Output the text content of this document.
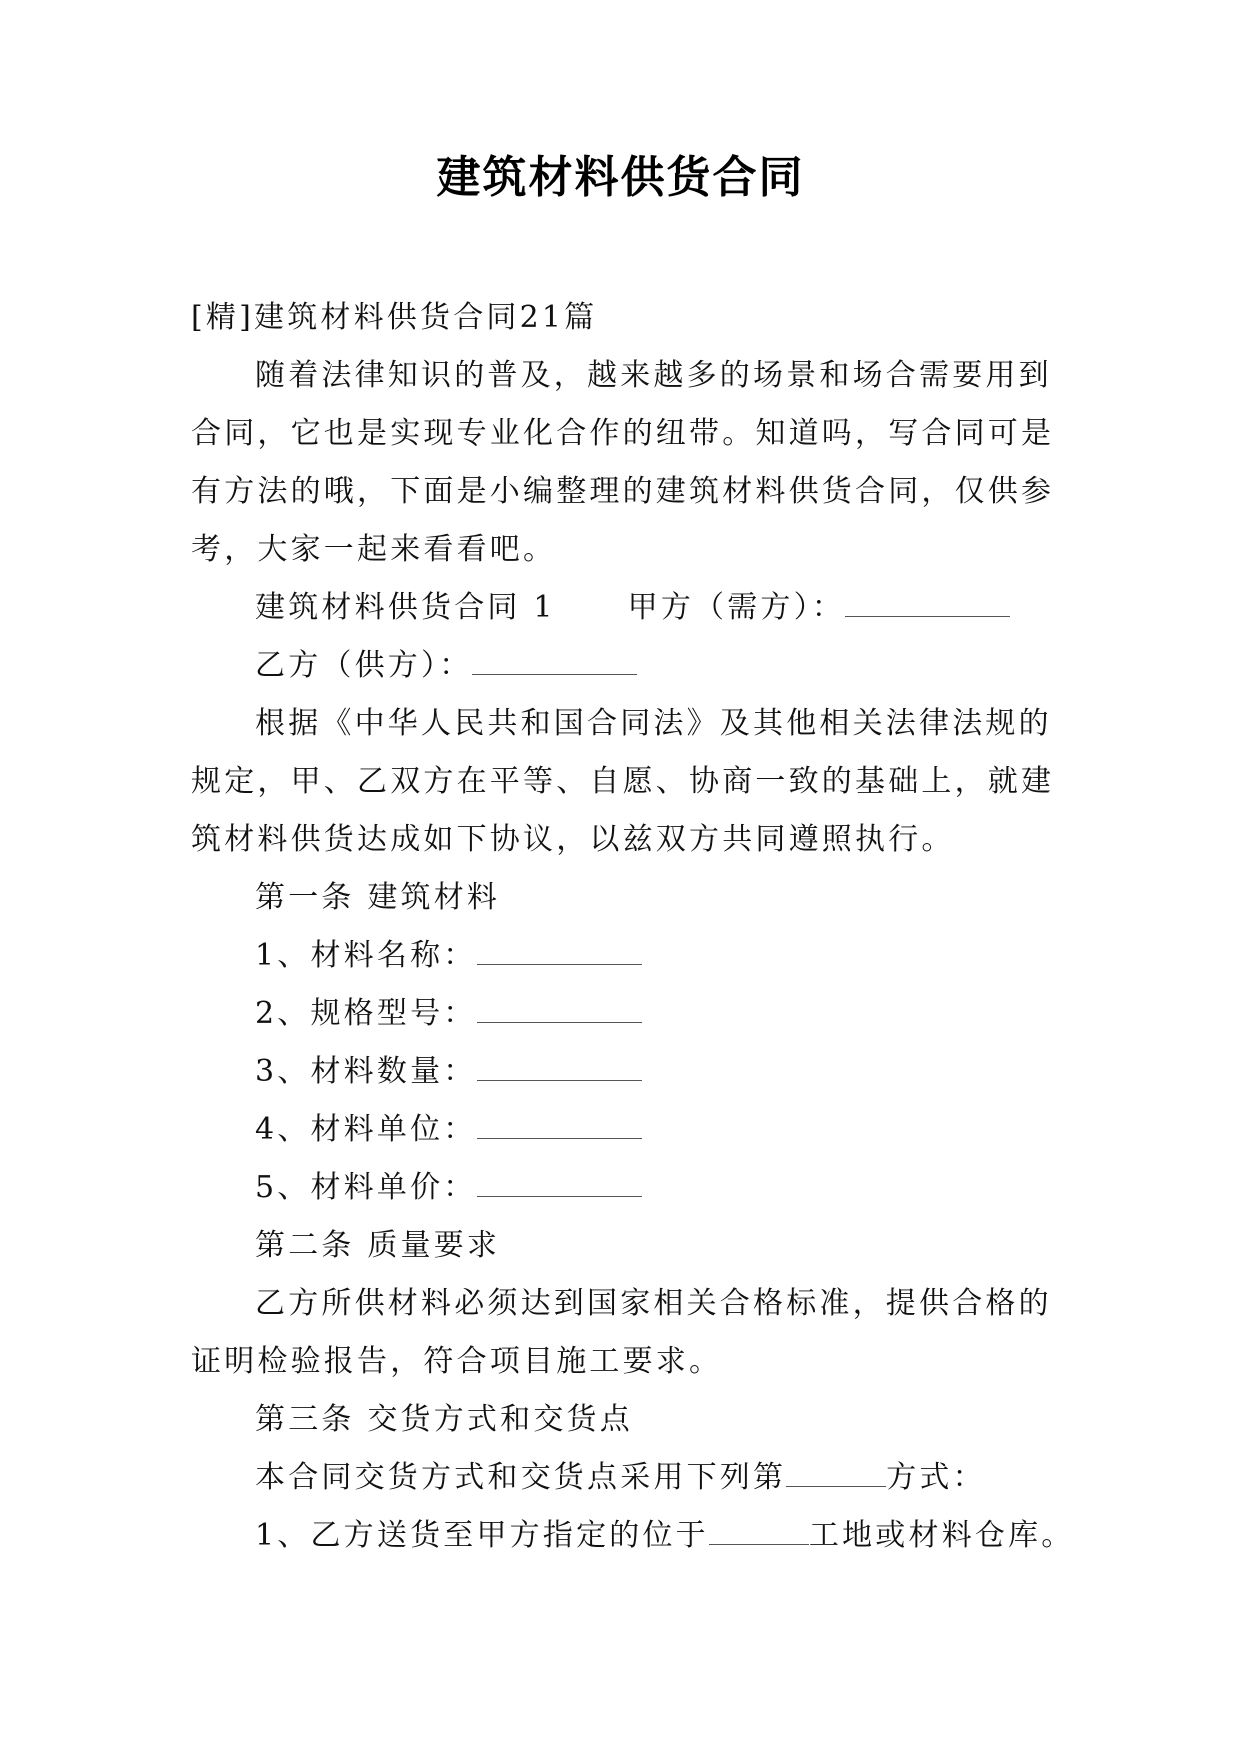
建筑材料供货合同

[精]建筑材料供货合同21篇

随着法律知识的普及，越来越多的场景和场合需要用到

合同，它也是实现专业化合作的纽带。知道吗，写合同可是

有方法的哦，下面是小编整理的建筑材料供货合同，仅供参

考，大家一起来看看吧。

建筑材料供货合同 1 甲方（需方）：

乙方（供方）：

根据《中华人民共和国合同法》及其他相关法律法规的

规定，甲、乙双方在平等、自愿、协商一致的基础上，就建

筑材料供货达成如下协议，以兹双方共同遵照执行。

第一条 建筑材料

1、材料名称：

2、规格型号：

3、材料数量：

4、材料单位：

5、材料单价：

第二条 质量要求

乙方所供材料必须达到国家相关合格标准，提供合格的

证明检验报告，符合项目施工要求。

第三条 交货方式和交货点

本合同交货方式和交货点采用下列第	方式：

1、乙方送货至甲方指定的位于	工地或材料仓库。
